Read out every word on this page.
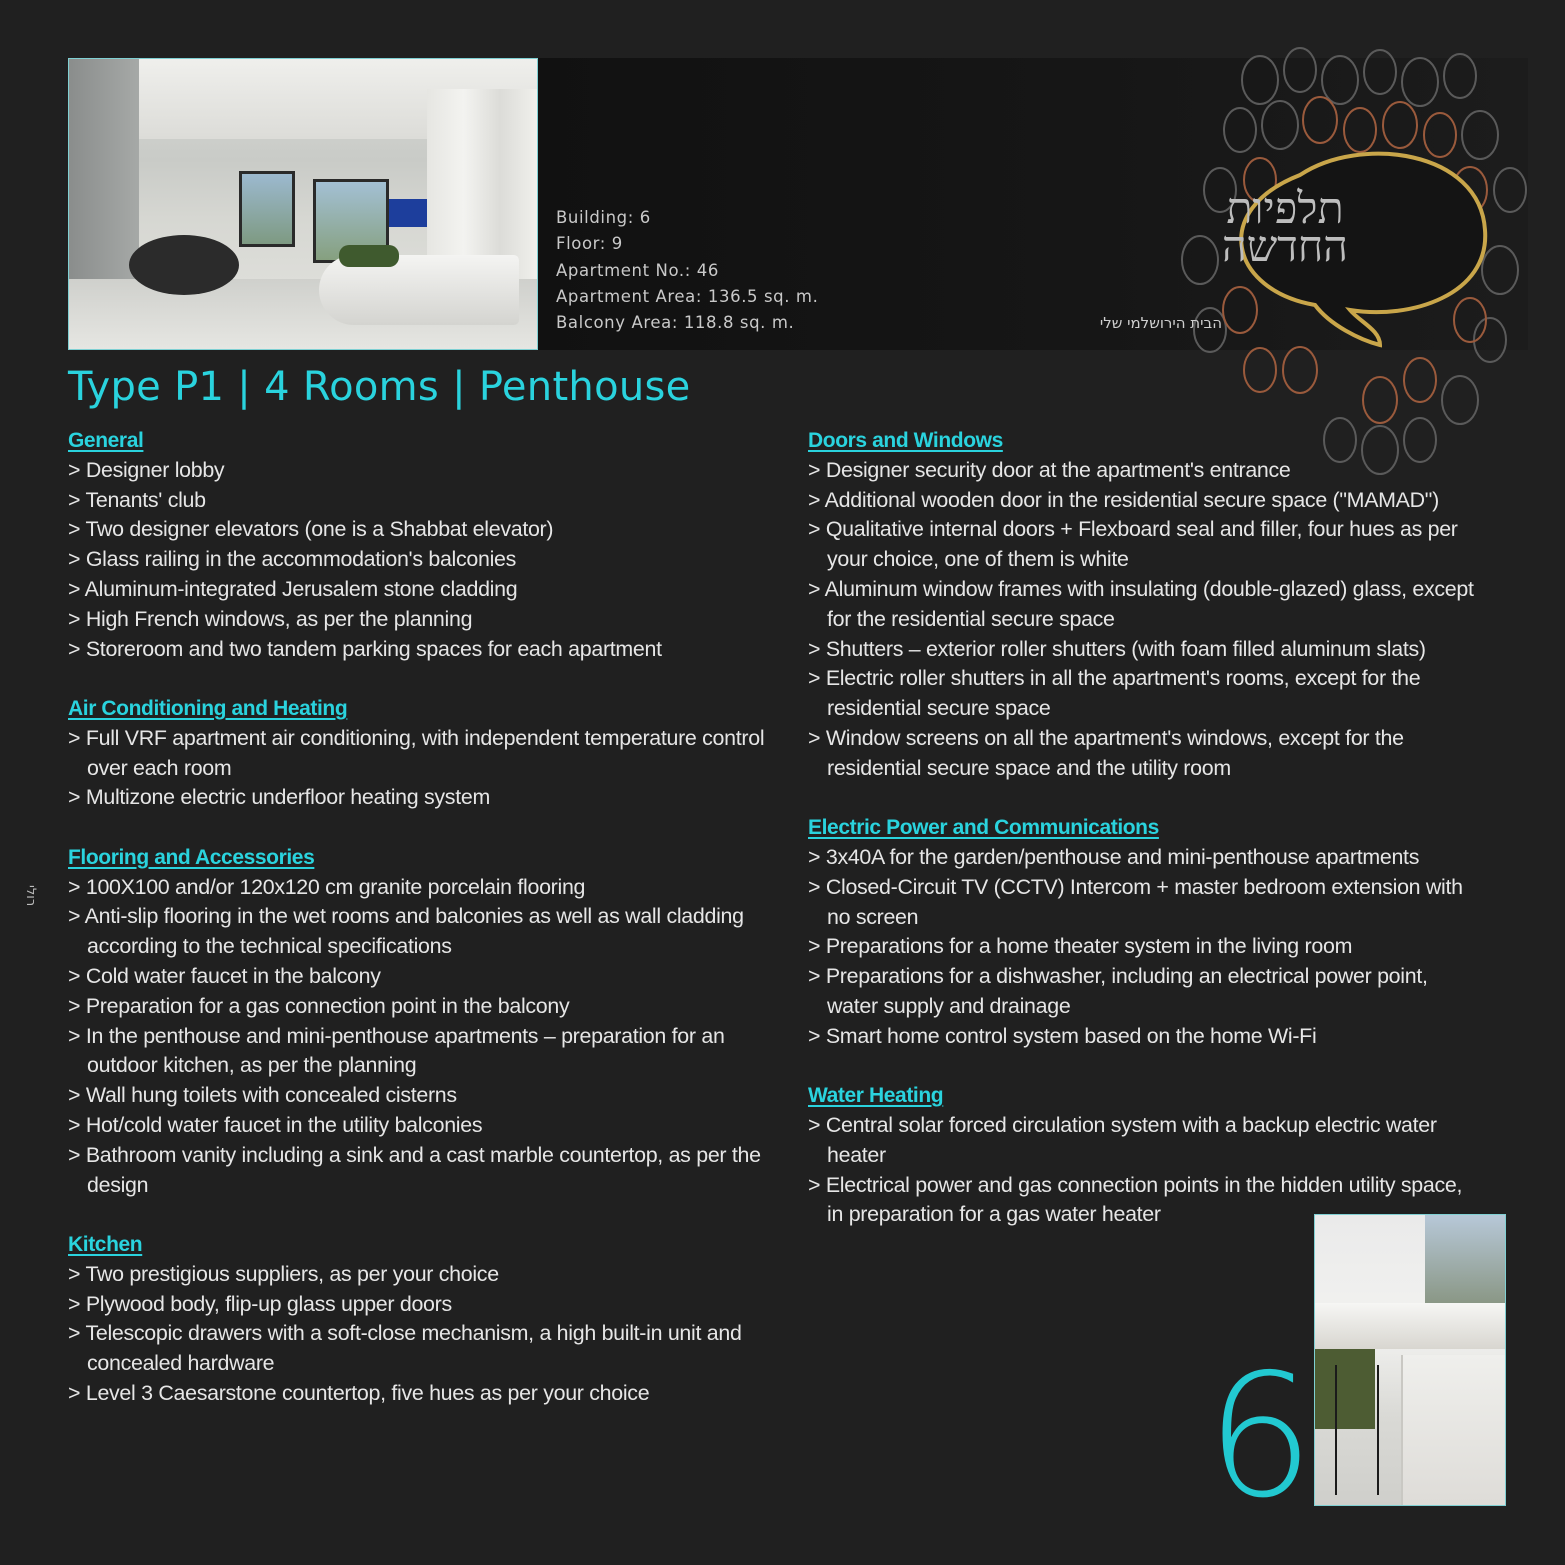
תלפיות
החדשה
הבית הירושלמי שלי
Building: 6
Floor: 9
Apartment No.: 46
Apartment Area: 136.5 sq. m.
Balcony Area: 118.8 sq. m.
Type P1 | 4 Rooms | Penthouse
General
> Designer lobby
> Tenants' club
> Two designer elevators (one is a Shabbat elevator)
> Glass railing in the accommodation's balconies
> Aluminum-integrated Jerusalem stone cladding
> High French windows, as per the planning
> Storeroom and two tandem parking spaces for each apartment
Air Conditioning and Heating
> Full VRF apartment air conditioning, with independent temperature control over each room
> Multizone electric underfloor heating system
Flooring and Accessories
> 100X100 and/or 120x120 cm granite porcelain flooring
> Anti-slip flooring in the wet rooms and balconies as well as wall cladding according to the technical specifications
> Cold water faucet in the balcony
> Preparation for a gas connection point in the balcony
> In the penthouse and mini-penthouse apartments – preparation for an outdoor kitchen, as per the planning
> Wall hung toilets with concealed cisterns
> Hot/cold water faucet in the utility balconies
> Bathroom vanity including a sink and a cast marble countertop, as per the design
Kitchen
> Two prestigious suppliers, as per your choice
> Plywood body, flip-up glass upper doors
> Telescopic drawers with a soft-close mechanism, a high built-in unit and concealed hardware
> Level 3 Caesarstone countertop, five hues as per your choice
Doors and Windows
> Designer security door at the apartment's entrance
> Additional wooden door in the residential secure space ("MAMAD")
> Qualitative internal doors + Flexboard seal and filler, four hues as per your choice, one of them is white
> Aluminum window frames with insulating (double-glazed) glass, except for the residential secure space
> Shutters – exterior roller shutters (with foam filled aluminum slats)
> Electric roller shutters in all the apartment's rooms, except for the residential secure space
> Window screens on all the apartment's windows, except for the residential secure space and the utility room
Electric Power and Communications
> 3x40A for the garden/penthouse and mini-penthouse apartments
> Closed-Circuit TV (CCTV) Intercom + master bedroom extension with no screen
> Preparations for a home theater system in the living room
> Preparations for a dishwasher, including an electrical power point, water supply and drainage
> Smart home control system based on the home Wi-Fi
Water Heating
> Central solar forced circulation system with a backup electric water heater
> Electrical power and gas connection points in the hidden utility space, in preparation for a gas water heater
רולי
6
